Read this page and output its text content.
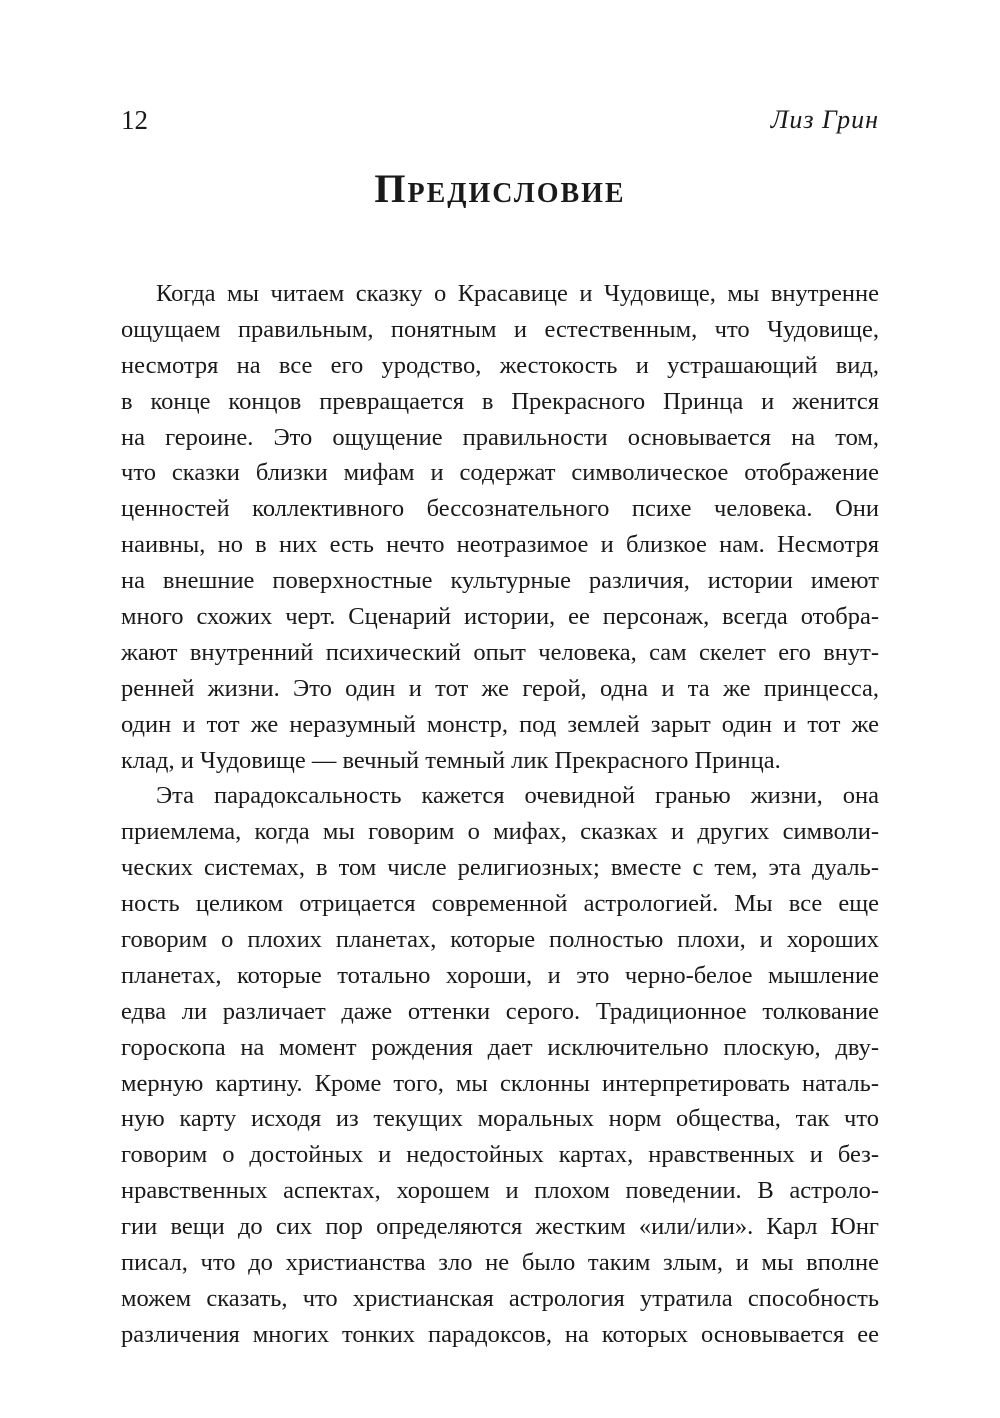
12	Лиз Грин
Предисловие
Когда мы читаем сказку о Красавице и Чудовище, мы внутренне
ощущаем правильным, понятным и естественным, что Чудовище,
несмотря на все его уродство, жестокость и устрашающий вид,
в конце концов превращается в Прекрасного Принца и женится
на героине. Это ощущение правильности основывается на том,
что сказки близки мифам и содержат символическое отображение
ценностей коллективного бессознательного психе человека. Они
наивны, но в них есть нечто неотразимое и близкое нам. Несмотря
на внешние поверхностные культурные различия, истории имеют
много схожих черт. Сценарий истории, ее персонаж, всегда отобра-
жают внутренний психический опыт человека, сам скелет его внут-
ренней жизни. Это один и тот же герой, одна и та же принцесса,
один и тот же неразумный монстр, под землей зарыт один и тот же
клад, и Чудовище — вечный темный лик Прекрасного Принца.
Эта парадоксальность кажется очевидной гранью жизни, она
приемлема, когда мы говорим о мифах, сказках и других символи-
ческих системах, в том числе религиозных; вместе с тем, эта дуаль-
ность целиком отрицается современной астрологией. Мы все еще
говорим о плохих планетах, которые полностью плохи, и хороших
планетах, которые тотально хороши, и это черно-белое мышление
едва ли различает даже оттенки серого. Традиционное толкование
гороскопа на момент рождения дает исключительно плоскую, дву-
мерную картину. Кроме того, мы склонны интерпретировать наталь-
ную карту исходя из текущих моральных норм общества, так что
говорим о достойных и недостойных картах, нравственных и без-
нравственных аспектах, хорошем и плохом поведении. В астроло-
гии вещи до сих пор определяются жестким «или/или». Карл Юнг
писал, что до христианства зло не было таким злым, и мы вполне
можем сказать, что христианская астрология утратила способность
различения многих тонких парадоксов, на которых основывается ее
